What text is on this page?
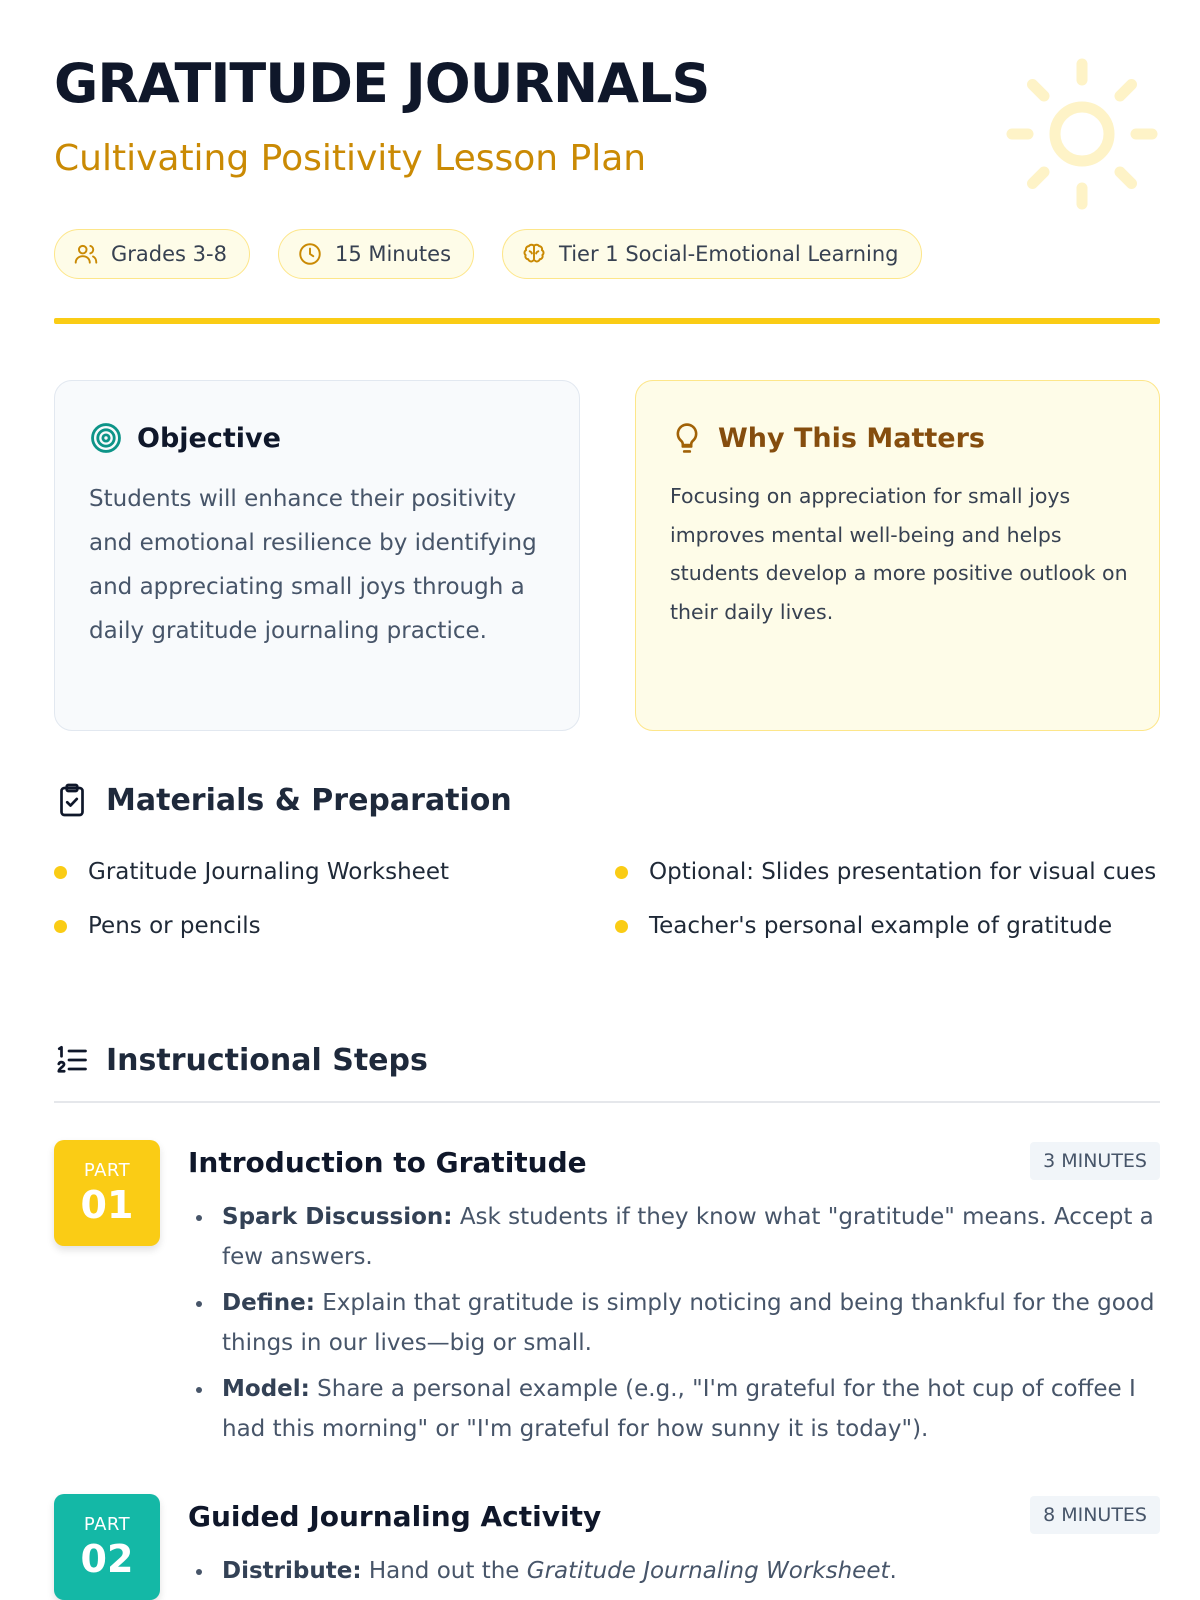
GRATITUDE JOURNALS
Cultivating Positivity Lesson Plan
Grades 3-8	15 Minutes	Tier 1 Social-Emotional Learning
Objective

Students will enhance their positivity and emotional resilience by identifying and appreciating small joys through a daily gratitude journaling practice.

Why This Matters

Focusing on appreciation for small joys improves mental well-being and helps students develop a more positive outlook on their daily lives.

Materials & Preparation
Gratitude Journaling Worksheet
Pens or pencils
Optional: Slides presentation for visual cues
Teacher's personal example of gratitude
Instructional Steps
PART
01
Introduction to Gratitude	3 MINUTES
Spark Discussion: Ask students if they know what "gratitude" means. Accept a few answers.
Define: Explain that gratitude is simply noticing and being thankful for the good things in our lives—big or small.
Model: Share a personal example (e.g., "I'm grateful for the hot cup of coffee I had this morning" or "I'm grateful for how sunny it is today").
PART
02
Guided Journaling Activity	8 MINUTES
Distribute: Hand out the Gratitude Journaling Worksheet.
